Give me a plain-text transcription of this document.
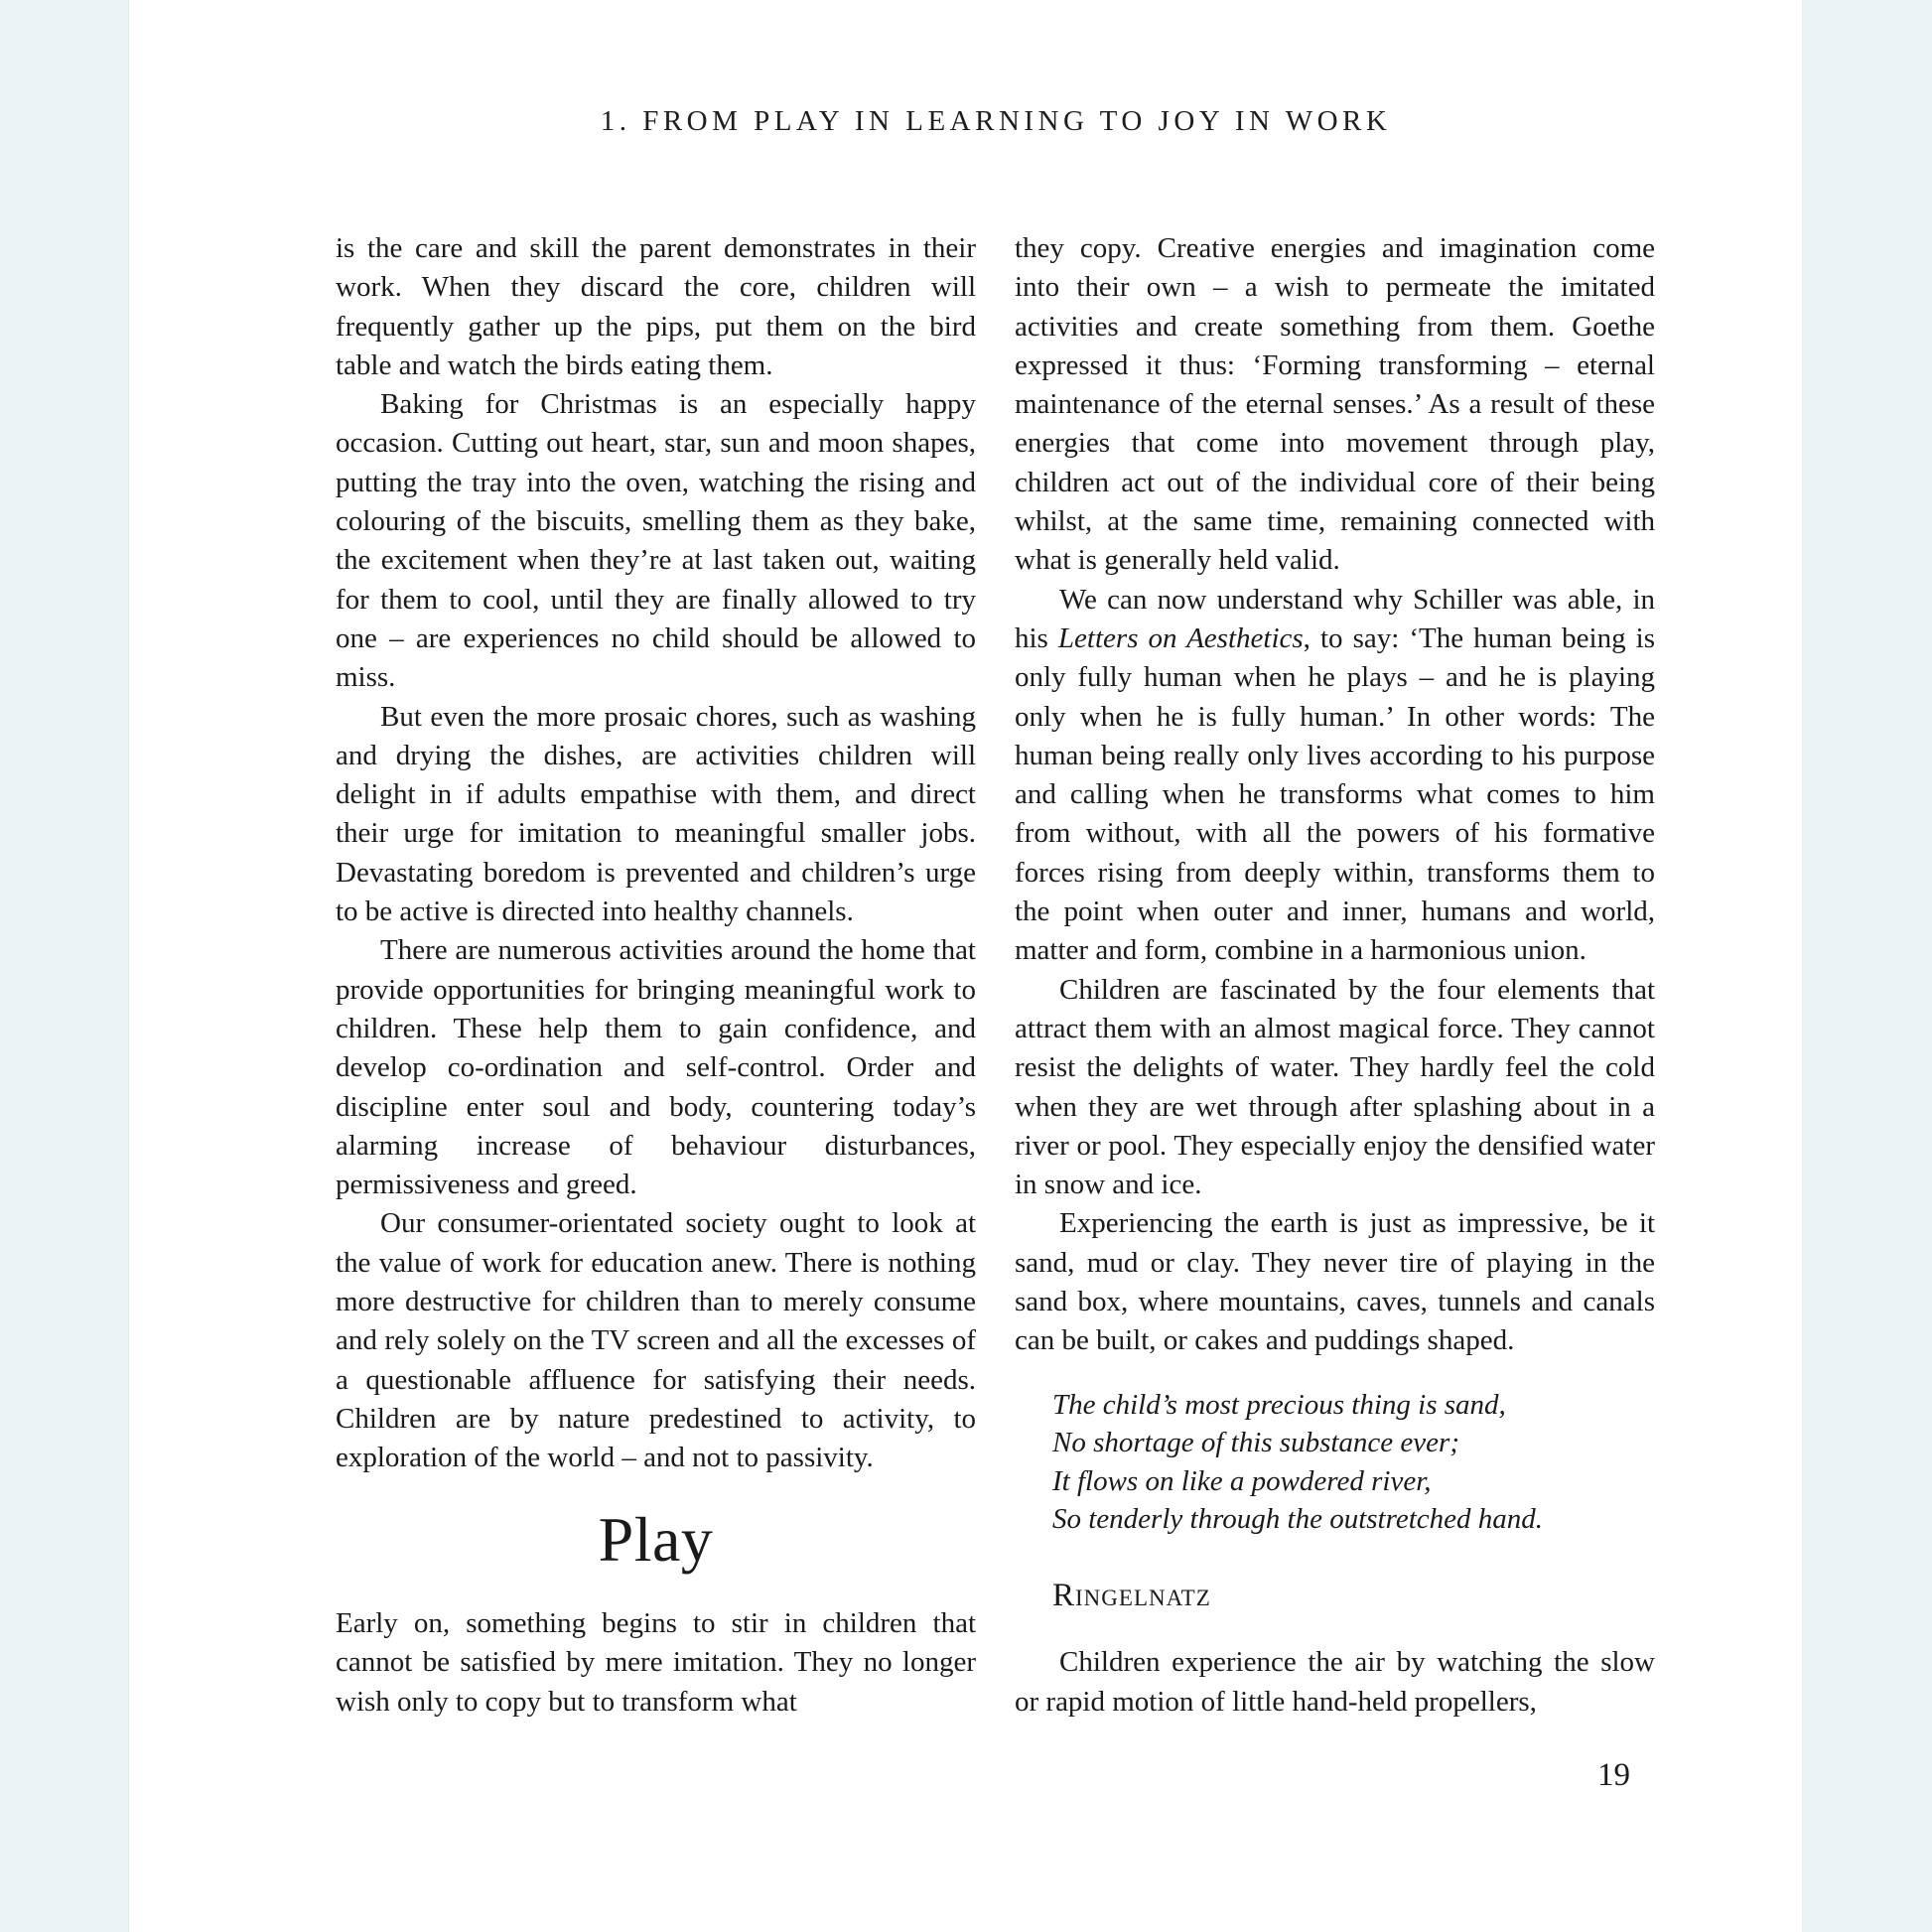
1. FROM PLAY IN LEARNING TO JOY IN WORK

is the care and skill the parent demonstrates in their work. When they discard the core, children will frequently gather up the pips, put them on the bird table and watch the birds eating them.

Baking for Christmas is an especially happy occasion. Cutting out heart, star, sun and moon shapes, putting the tray into the oven, watching the rising and colouring of the biscuits, smelling them as they bake, the excitement when they’re at last taken out, waiting for them to cool, until they are finally allowed to try one – are experiences no child should be allowed to miss.

But even the more prosaic chores, such as washing and drying the dishes, are activities children will delight in if adults empathise with them, and direct their urge for imitation to meaningful smaller jobs. Devastating boredom is prevented and children’s urge to be active is directed into healthy channels.

There are numerous activities around the home that provide opportunities for bringing meaningful work to children. These help them to gain confidence, and develop co-ordination and self-control. Order and discipline enter soul and body, countering today’s alarming increase of behaviour disturbances, permissiveness and greed.

Our consumer-orientated society ought to look at the value of work for education anew. There is nothing more destructive for children than to merely consume and rely solely on the TV screen and all the excesses of a questionable affluence for satisfying their needs. Children are by nature predestined to activity, to exploration of the world – and not to passivity.

Play

Early on, something begins to stir in children that cannot be satisfied by mere imitation. They no longer wish only to copy but to transform what

they copy. Creative energies and imagination come into their own – a wish to permeate the imitated activities and create something from them. Goethe expressed it thus: ‘Forming transforming – eternal maintenance of the eternal senses.’ As a result of these energies that come into movement through play, children act out of the individual core of their being whilst, at the same time, remaining connected with what is generally held valid.

We can now understand why Schiller was able, in his Letters on Aesthetics, to say: ‘The human being is only fully human when he plays – and he is playing only when he is fully human.’ In other words: The human being really only lives according to his purpose and calling when he transforms what comes to him from without, with all the powers of his formative forces rising from deeply within, transforms them to the point when outer and inner, humans and world, matter and form, combine in a harmonious union.

Children are fascinated by the four elements that attract them with an almost magical force. They cannot resist the delights of water. They hardly feel the cold when they are wet through after splashing about in a river or pool. They especially enjoy the densified water in snow and ice.

Experiencing the earth is just as impressive, be it sand, mud or clay. They never tire of playing in the sand box, where mountains, caves, tunnels and canals can be built, or cakes and puddings shaped.

The child’s most precious thing is sand,
No shortage of this substance ever;
It flows on like a powdered river,
So tenderly through the outstretched hand.
Ringelnatz

Children experience the air by watching the slow or rapid motion of little hand-held propellers,

19
